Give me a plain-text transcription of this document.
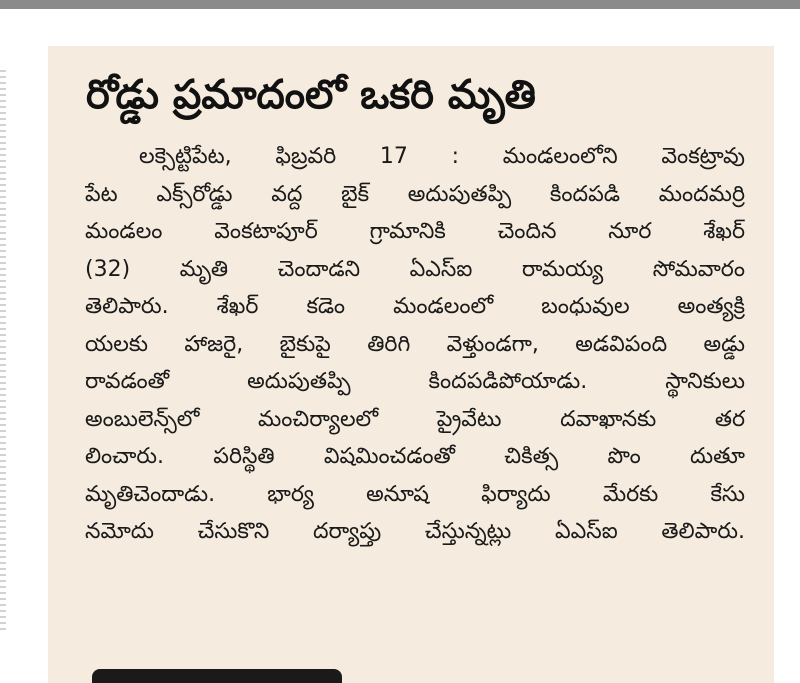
రోడ్డు ప్రమాదంలో ఒకరి మృతి
లక్సెట్టిపేట, ఫిబ్రవరి 17 : మండలంలోని వెంకట్రావు
పేట ఎక్స్‌రోడ్డు వద్ద బైక్ అదుపుతప్పి కిందపడి మందమర్రి
మండలం వెంకటాపూర్ గ్రామానికి చెందిన నూర శేఖర్
(32) మృతి చెందాడని ఏఎస్ఐ రామయ్య సోమవారం
తెలిపారు. శేఖర్ కడెం మండలంలో బంధువుల అంత్యక్రి
యలకు హాజరై, బైకుపై తిరిగి వెళ్తుండగా, అడవిపంది అడ్డు
రావడంతో అదుపుతప్పి కిందపడిపోయాడు. స్థానికులు
అంబులెన్స్‌లో మంచిర్యాలలో ప్రైవేటు దవాఖానకు తర
లించారు. పరిస్థితి విషమించడంతో చికిత్స పొం దుతూ
మృతిచెందాడు. భార్య అనూష ఫిర్యాదు మేరకు కేసు
నమోదు చేసుకొని దర్యాప్తు చేస్తున్నట్లు ఏఎస్ఐ తెలిపారు.
